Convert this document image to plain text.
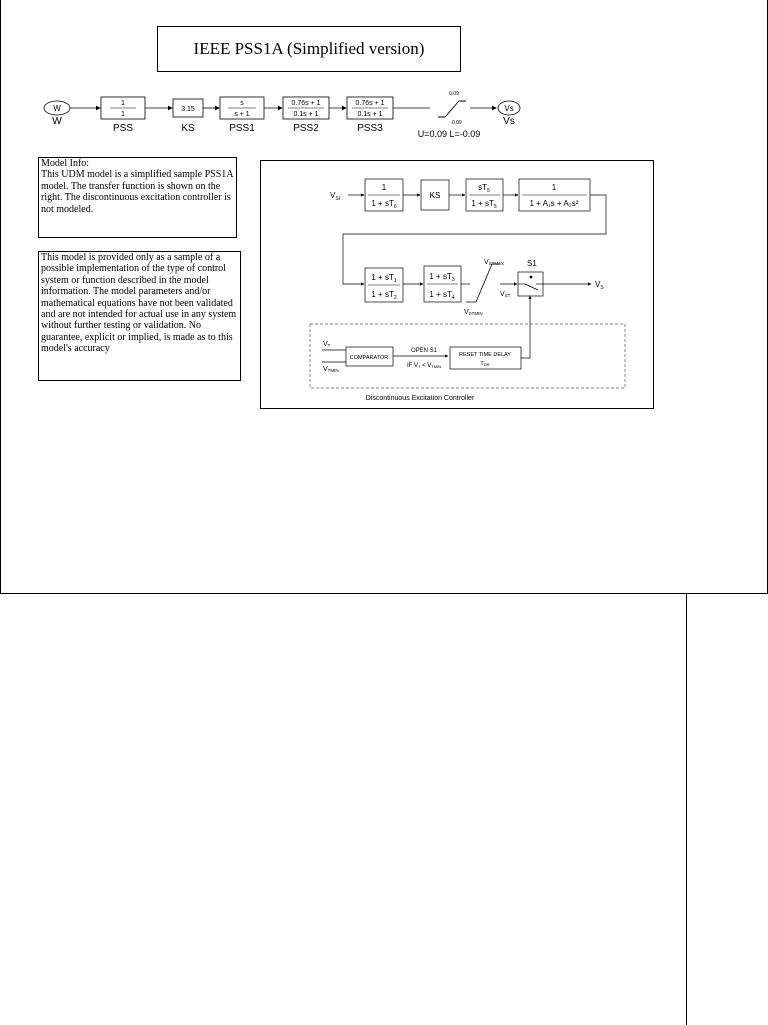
IEEE PSS1A (Simplified version)
W
W
1
1
PSS
3.15
KS
s
s + 1
PSS1
0.76s + 1
0.1s + 1
PSS2
0.76s + 1
0.1s + 1
PSS3
0.09
-0.09
U=0.09 L=-0.09
Vs
Vs
Model Info:
This UDM model is a simplified sample PSS1A model. The transfer function is shown on the right. The discontinuous excitation controller is not modeled.
This model is provided only as a sample of a possible implementation of the type of control system or function described in the model information. The model parameters and/or mathematical equations have not been validated and are not intended for actual use in any system without further testing or validation. No guarantee, explicit or implied, is made as to this model's accuracy
$V_{SI}$
1
$1 + sT_6$
KS
$sT_5$
$1 + sT_5$
1
1 + A₁s + A₂s²
$1 + sT_1$
$1 + sT_2$
$1 + sT_3$
$1 + sT_4$
VSTMAX
VSTMIN
VST
S1
$V_S$
VT
VTMIN
COMPARATOR
OPEN S1
IF VT < VTMIN
RESET TIME DELAY
TDR
Discontinuous Excitation Controller
